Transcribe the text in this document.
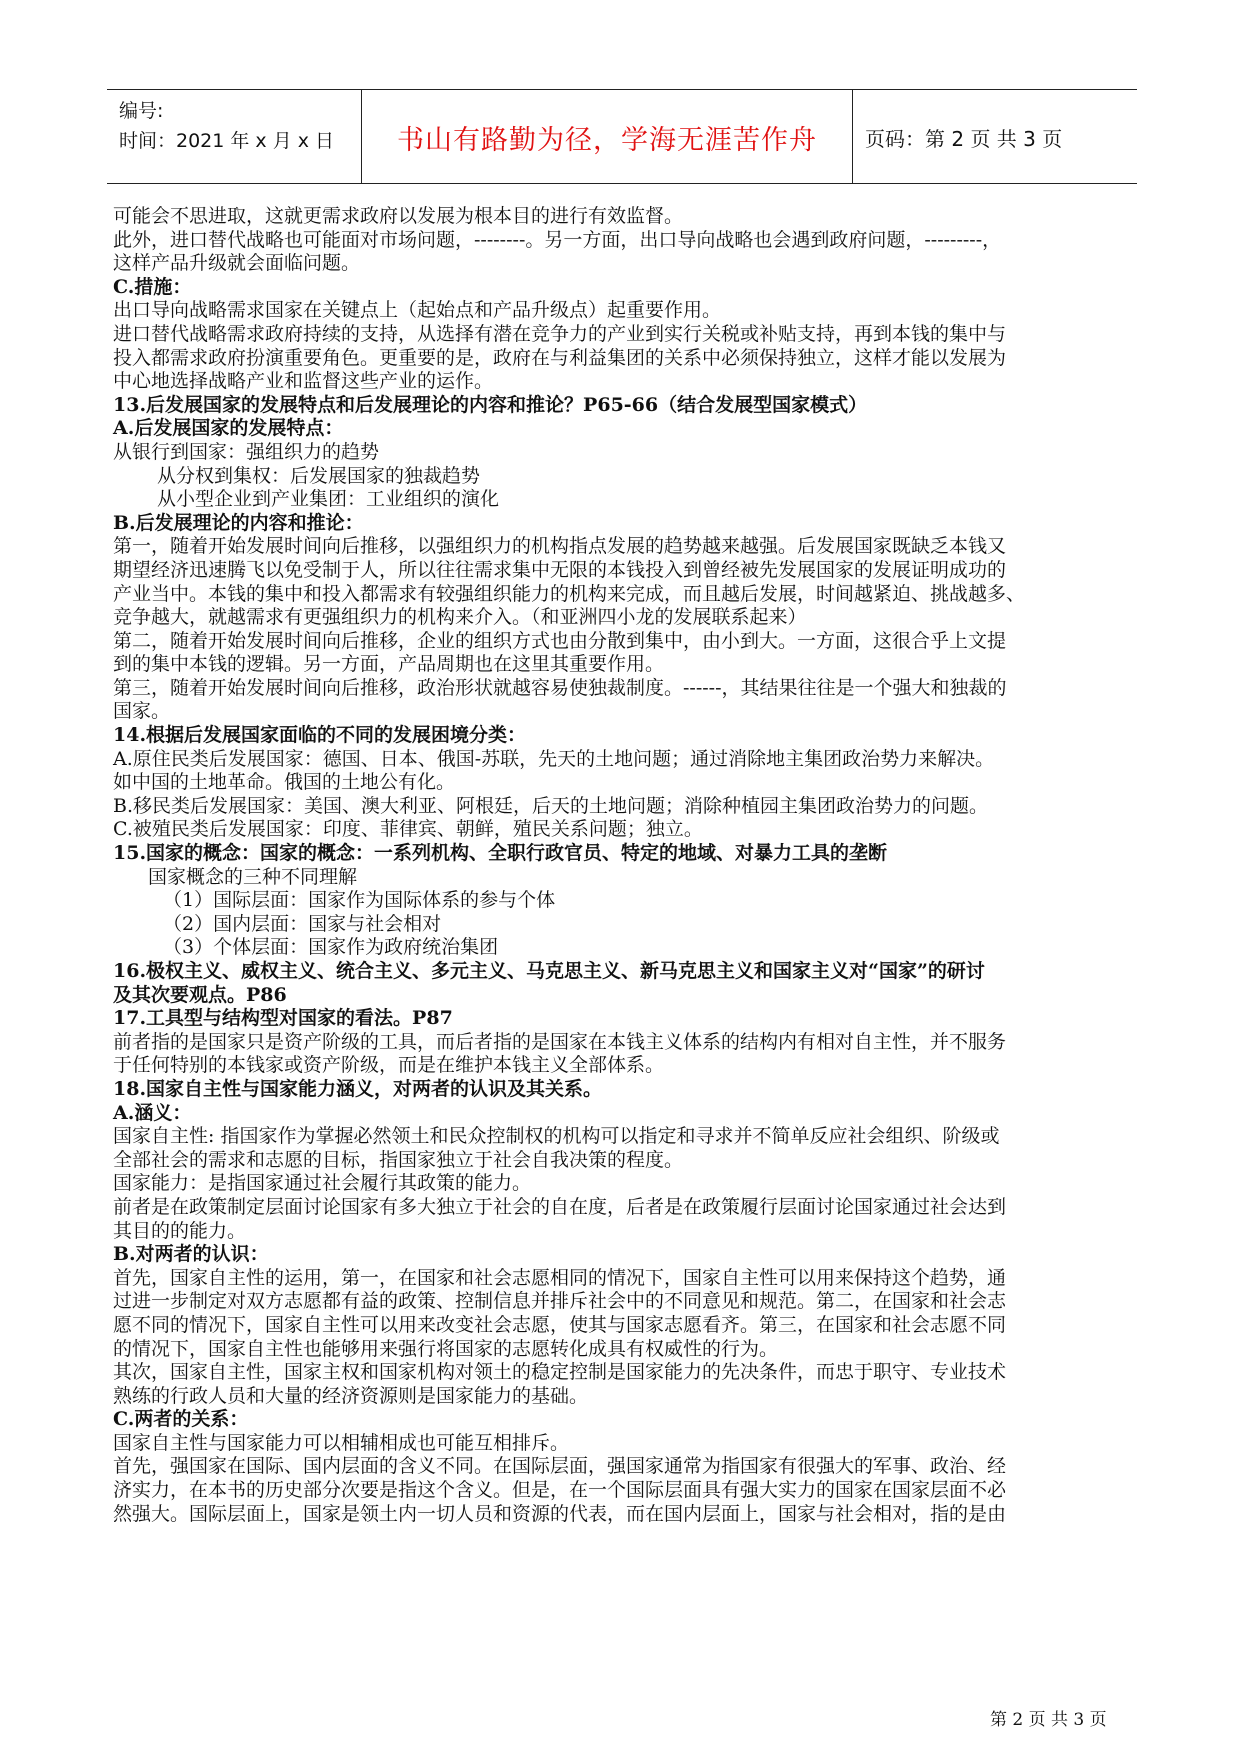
编号:
时间：2021 年 x 月 x 日	书山有路勤为径，学海无涯苦作舟	页码：第 2 页 共 3 页

可能会不思进取，这就更需求政府以发展为根本目的进行有效监督。

此外，进口替代战略也可能面对市场问题，--------。另一方面，出口导向战略也会遇到政府问题，---------，

这样产品升级就会面临问题。

C.措施：

出口导向战略需求国家在关键点上（起始点和产品升级点）起重要作用。

进口替代战略需求政府持续的支持，从选择有潜在竞争力的产业到实行关税或补贴支持，再到本钱的集中与

投入都需求政府扮演重要角色。更重要的是，政府在与利益集团的关系中必须保持独立，这样才能以发展为

中心地选择战略产业和监督这些产业的运作。

13.后发展国家的发展特点和后发展理论的内容和推论？P65-66（结合发展型国家模式）

A.后发展国家的发展特点：

从银行到国家：强组织力的趋势

从分权到集权：后发展国家的独裁趋势

从小型企业到产业集团：工业组织的演化

B.后发展理论的内容和推论：

第一，随着开始发展时间向后推移，以强组织力的机构指点发展的趋势越来越强。后发展国家既缺乏本钱又

期望经济迅速腾飞以免受制于人，所以往往需求集中无限的本钱投入到曾经被先发展国家的发展证明成功的

产业当中。本钱的集中和投入都需求有较强组织能力的机构来完成，而且越后发展，时间越紧迫、挑战越多、

竞争越大，就越需求有更强组织力的机构来介入。（和亚洲四小龙的发展联系起来）

第二，随着开始发展时间向后推移，企业的组织方式也由分散到集中，由小到大。一方面，这很合乎上文提

到的集中本钱的逻辑。另一方面，产品周期也在这里其重要作用。

第三，随着开始发展时间向后推移，政治形状就越容易使独裁制度。------，其结果往往是一个强大和独裁的

国家。

14.根据后发展国家面临的不同的发展困境分类：

A.原住民类后发展国家：德国、日本、俄国-苏联，先天的土地问题；通过消除地主集团政治势力来解决。

如中国的土地革命。俄国的土地公有化。

B.移民类后发展国家：美国、澳大利亚、阿根廷，后天的土地问题；消除种植园主集团政治势力的问题。

C.被殖民类后发展国家：印度、菲律宾、朝鲜，殖民关系问题；独立。

15.国家的概念：国家的概念：一系列机构、全职行政官员、特定的地域、对暴力工具的垄断

国家概念的三种不同理解

（1）国际层面：国家作为国际体系的参与个体

（2）国内层面：国家与社会相对

（3）个体层面：国家作为政府统治集团

16.极权主义、威权主义、统合主义、多元主义、马克思主义、新马克思主义和国家主义对“国家”的研讨

及其次要观点。P86

17.工具型与结构型对国家的看法。P87

前者指的是国家只是资产阶级的工具，而后者指的是国家在本钱主义体系的结构内有相对自主性，并不服务

于任何特别的本钱家或资产阶级，而是在维护本钱主义全部体系。

18.国家自主性与国家能力涵义，对两者的认识及其关系。

A.涵义：

国家自主性: 指国家作为掌握必然领土和民众控制权的机构可以指定和寻求并不简单反应社会组织、阶级或

全部社会的需求和志愿的目标，指国家独立于社会自我决策的程度。

国家能力：是指国家通过社会履行其政策的能力。

前者是在政策制定层面讨论国家有多大独立于社会的自在度，后者是在政策履行层面讨论国家通过社会达到

其目的的能力。

B.对两者的认识：

首先，国家自主性的运用，第一，在国家和社会志愿相同的情况下，国家自主性可以用来保持这个趋势，通

过进一步制定对双方志愿都有益的政策、控制信息并排斥社会中的不同意见和规范。第二，在国家和社会志

愿不同的情况下，国家自主性可以用来改变社会志愿，使其与国家志愿看齐。第三，在国家和社会志愿不同

的情况下，国家自主性也能够用来强行将国家的志愿转化成具有权威性的行为。

其次，国家自主性，国家主权和国家机构对领土的稳定控制是国家能力的先决条件，而忠于职守、专业技术

熟练的行政人员和大量的经济资源则是国家能力的基础。

C.两者的关系：

国家自主性与国家能力可以相辅相成也可能互相排斥。

首先，强国家在国际、国内层面的含义不同。在国际层面，强国家通常为指国家有很强大的军事、政治、经

济实力，在本书的历史部分次要是指这个含义。但是，在一个国际层面具有强大实力的国家在国家层面不必

然强大。国际层面上，国家是领土内一切人员和资源的代表，而在国内层面上，国家与社会相对，指的是由

第 2 页 共 3 页
